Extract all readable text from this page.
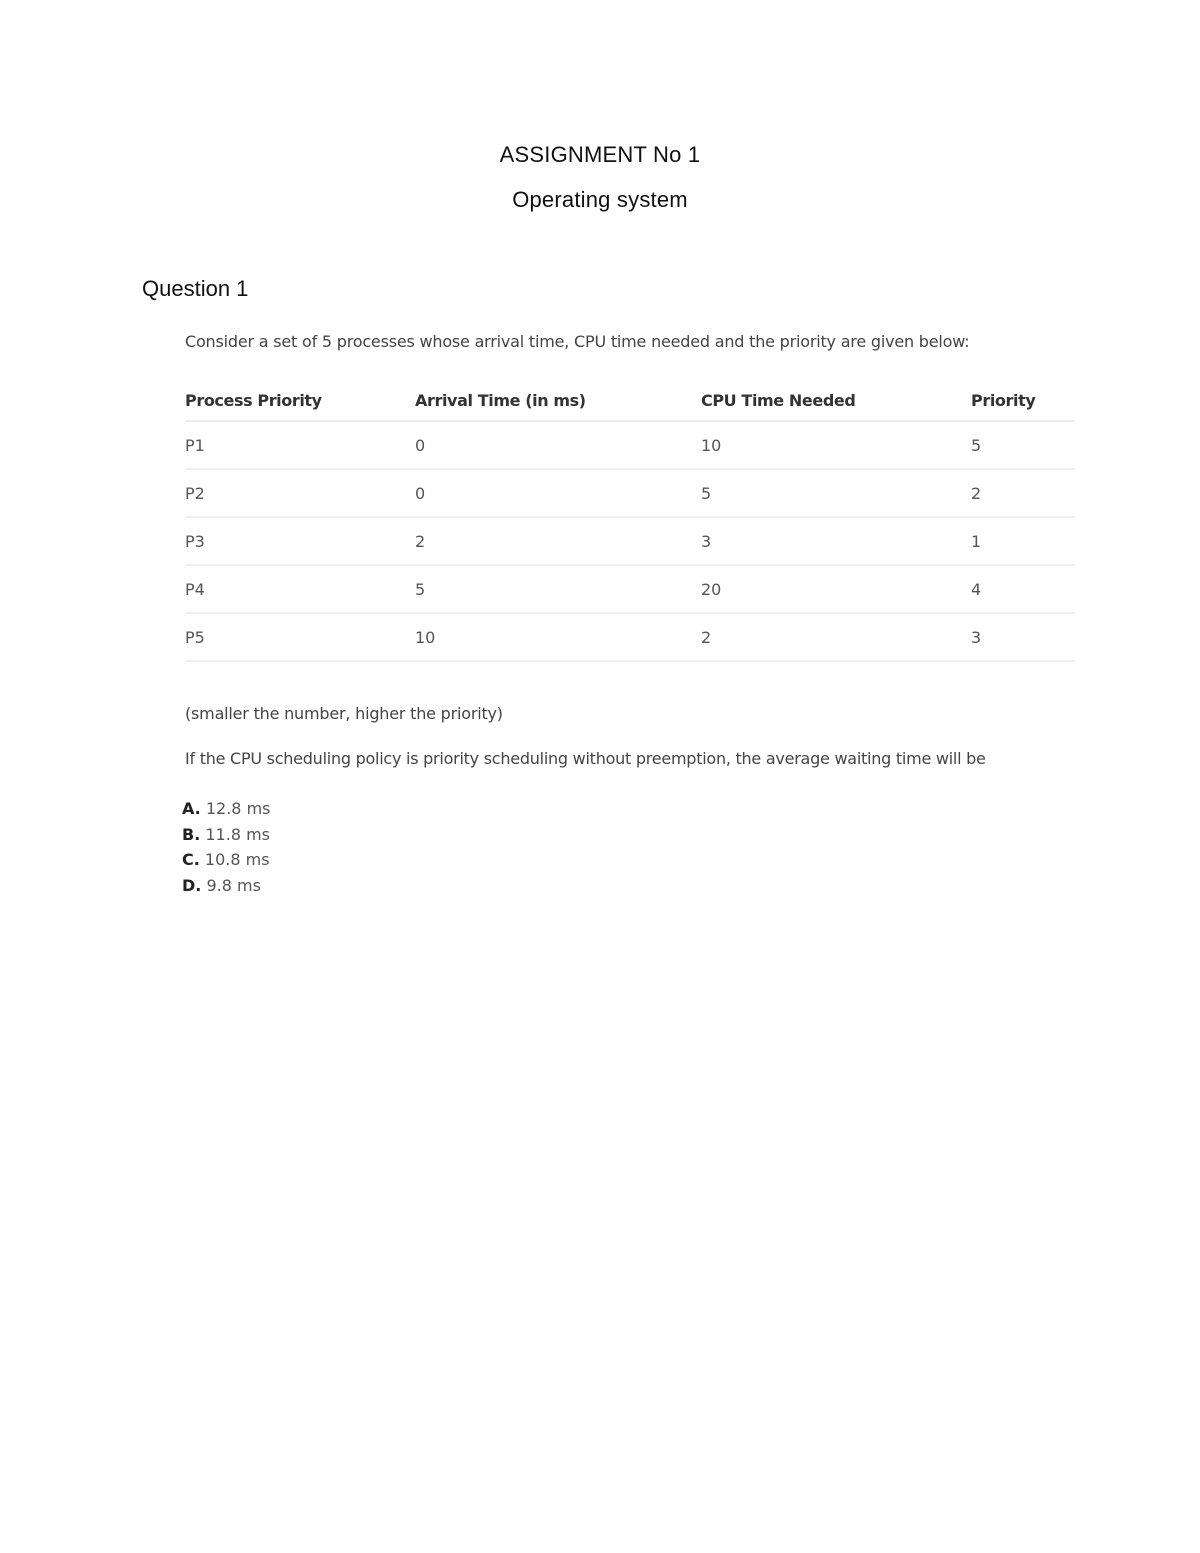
ASSIGNMENT No 1
Operating system
Question 1

Consider a set of 5 processes whose arrival time, CPU time needed and the priority are given below:

Process Priority	Arrival Time (in ms)	CPU Time Needed	Priority
P1	0	10	5
P2	0	5	2
P3	2	3	1
P4	5	20	4
P5	10	2	3
(smaller the number, higher the priority)
If the CPU scheduling policy is priority scheduling without preemption, the average waiting time will be
A. 12.8 ms
B. 11.8 ms
C. 10.8 ms
D. 9.8 ms
